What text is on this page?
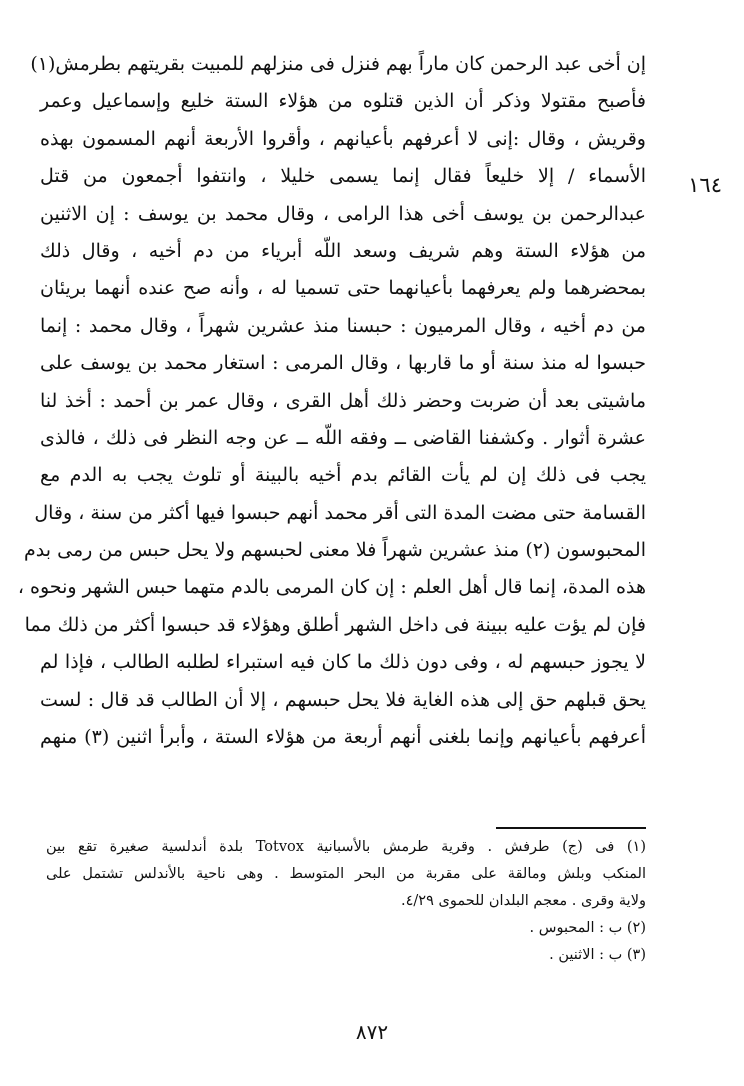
١٦٤
إن أخى عبد الرحمن كان ماراً بهم فنزل فى منزلهم للمبيت بقريتهم بطرمش(١)
فأصبح مقتولا وذكر أن الذين قتلوه من هؤلاء الستة خليع وإسماعيل وعمر
وقريش ، وقال :إنى لا أعرفهم بأعيانهم ، وأقروا الأربعة أنهم المسمون بهذه
الأسماء / إلا خليعاً فقال إنما يسمى خليلا ، وانتفوا أجمعون من قتل
عبدالرحمن بن يوسف أخى هذا الرامى ، وقال محمد بن يوسف : إن الاثنين
من هؤلاء الستة وهم شريف وسعد اللّه أبرياء من دم أخيه ، وقال ذلك
بمحضرهما ولم يعرفهما بأعيانهما حتى تسميا له ، وأنه صح عنده أنهما بريئان
من دم أخيه ، وقال المرميون : حبسنا منذ عشرين شهراً ، وقال محمد : إنما
حبسوا له منذ سنة أو ما قاربها ، وقال المرمى : استغار محمد بن يوسف على
ماشيتى بعد أن ضربت وحضر ذلك أهل القرى ، وقال عمر بن أحمد : أخذ لنا
عشرة أثوار . وكشفنا القاضى ــ وفقه اللّه ــ عن وجه النظر فى ذلك ، فالذى
يجب فى ذلك إن لم يأت القائم بدم أخيه بالبينة أو تلوث يجب به الدم مع
القسامة حتى مضت المدة التى أقر محمد أنهم حبسوا فيها أكثر من سنة ، وقال
المحبوسون (٢) منذ عشرين شهراً فلا معنى لحبسهم ولا يحل حبس من رمى بدم
هذه المدة، إنما قال أهل العلم : إن كان المرمى بالدم متهما حبس الشهر ونحوه ،
فإن لم يؤت عليه ببينة فى داخل الشهر أطلق وهؤلاء قد حبسوا أكثر من ذلك مما
لا يجوز حبسهم له ، وفى دون ذلك ما كان فيه استبراء لطلبه الطالب ، فإذا لم
يحق قبلهم حق إلى هذه الغاية فلا يحل حبسهم ، إلا أن الطالب قد قال : لست
أعرفهم بأعيانهم وإنما بلغنى أنهم أربعة من هؤلاء الستة ، وأبرأ اثنين (٣) منهم
(١) فى (ج) طرفش . وقرية طرمش بالأسبانية Totvox بلدة أندلسية صغيرة تقع بين
المنكب وبلش ومالقة على مقربة من البحر المتوسط . وهى ناحية بالأندلس تشتمل على
ولاية وقرى . معجم البلدان للحموى ٤/٢٩.
(٢) ب : المحبوس .
(٣) ب : الاثنين .
٨٧٢
